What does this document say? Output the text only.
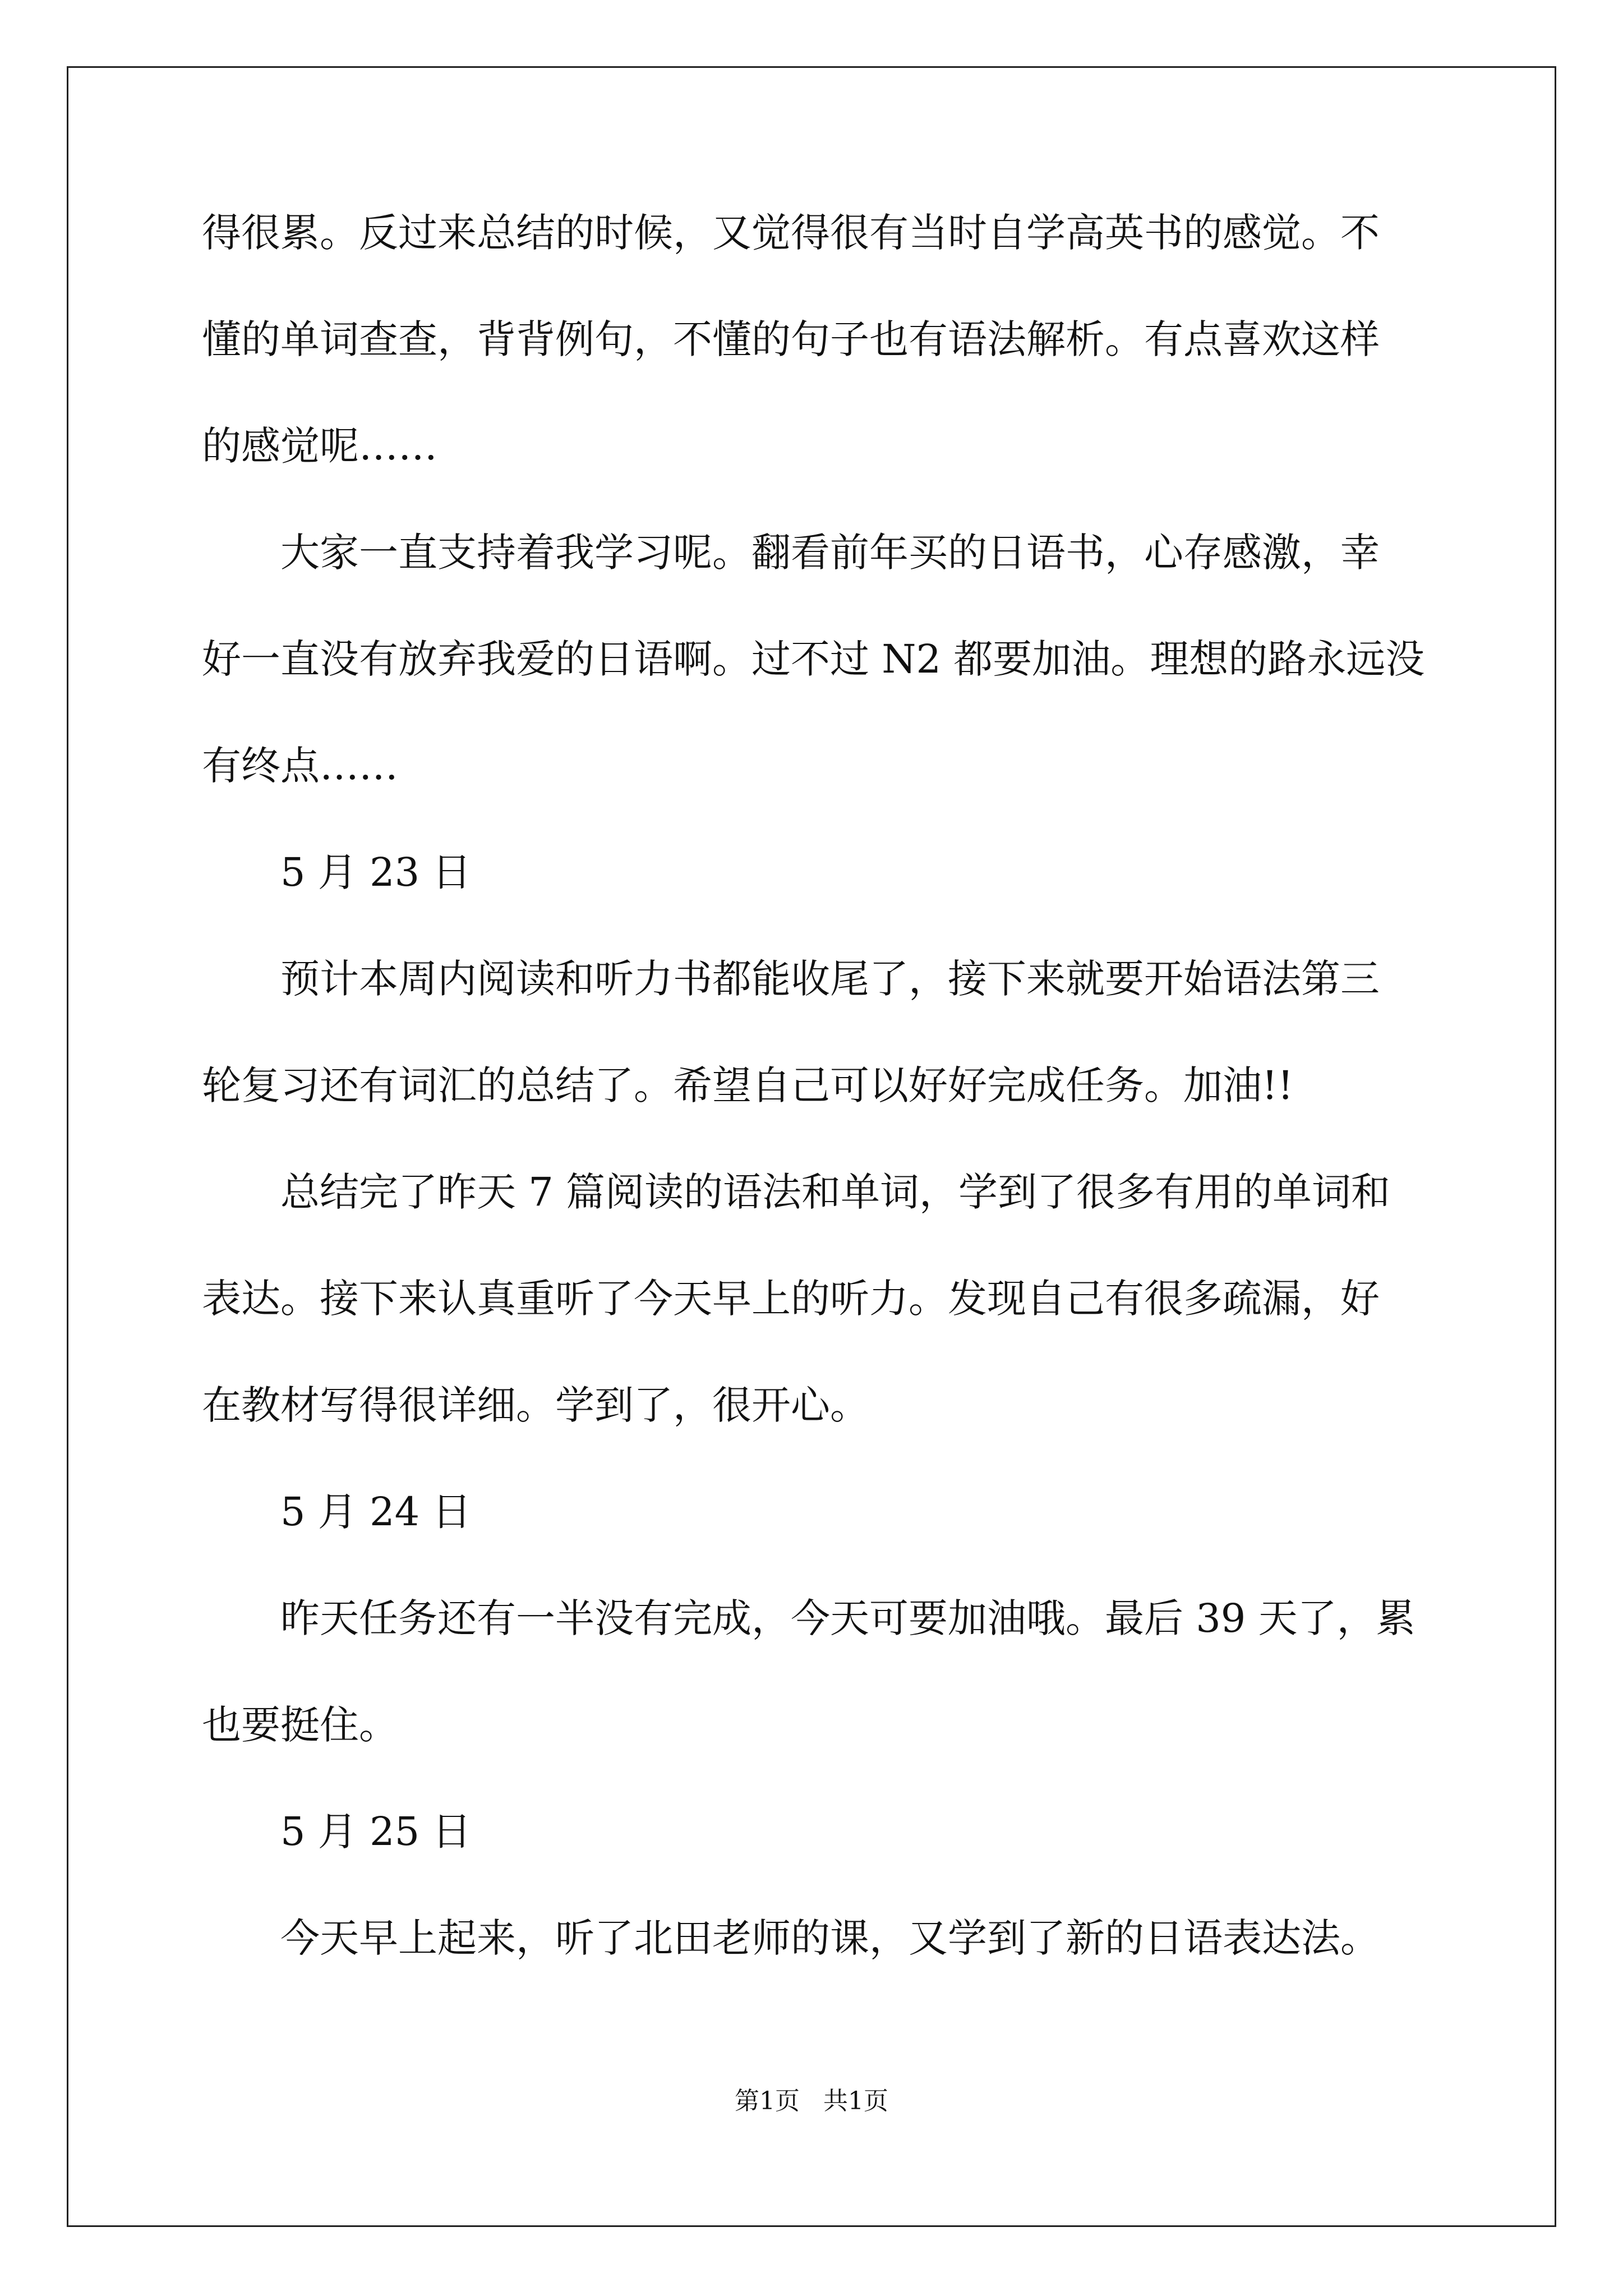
得很累。反过来总结的时候，又觉得很有当时自学高英书的感觉。不
懂的单词查查，背背例句，不懂的句子也有语法解析。有点喜欢这样
的感觉呢……
大家一直支持着我学习呢。翻看前年买的日语书，心存感激，幸
好一直没有放弃我爱的日语啊。过不过 N2 都要加油。理想的路永远没
有终点……
5 月 23 日
预计本周内阅读和听力书都能收尾了，接下来就要开始语法第三
轮复习还有词汇的总结了。希望自己可以好好完成任务。加油!!
总结完了昨天 7 篇阅读的语法和单词，学到了很多有用的单词和
表达。接下来认真重听了今天早上的听力。发现自己有很多疏漏，好
在教材写得很详细。学到了，很开心。
5 月 24 日
昨天任务还有一半没有完成，今天可要加油哦。最后 39 天了，累
也要挺住。
5 月 25 日
今天早上起来，听了北田老师的课，又学到了新的日语表达法。
第1页   共1页
